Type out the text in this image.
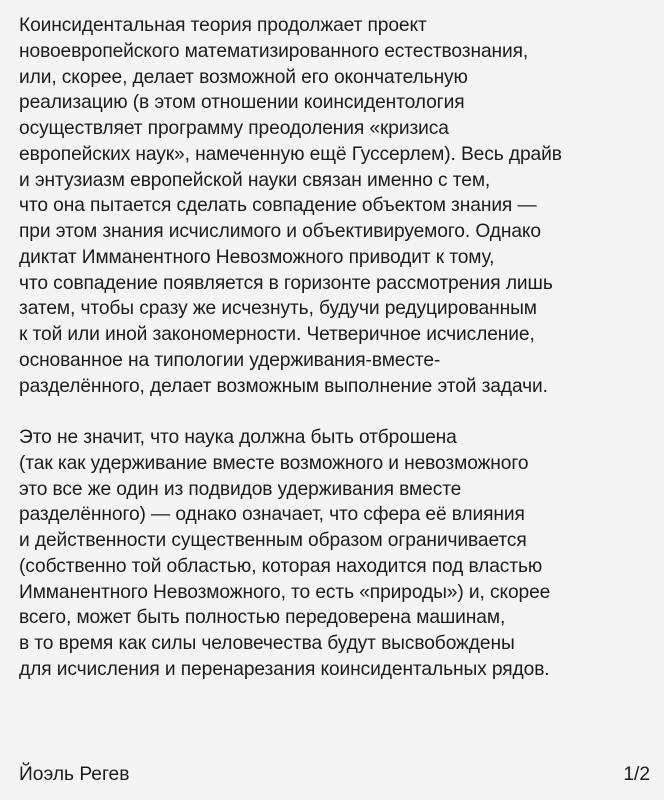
Коинсидентальная теория продолжает проект
новоевропейского математизированного естествознания,
или, скорее, делает возможной его окончательную
реализацию (в этом отношении коинсидентология
осуществляет программу преодоления «кризиса
европейских наук», намеченную ещё Гуссерлем). Весь драйв
и энтузиазм европейской науки связан именно с тем,
что она пытается сделать совпадение объектом знания —
при этом знания исчислимого и объективируемого. Однако
диктат Имманентного Невозможного приводит к тому,
что совпадение появляется в горизонте рассмотрения лишь
затем, чтобы сразу же исчезнуть, будучи редуцированным
к той или иной закономерности. Четверичное исчисление,
основанное на типологии удерживания-вместе-
разделённого, делает возможным выполнение этой задачи.

Это не значит, что наука должна быть отброшена
(так как удерживание вместе возможного и невозможного
это все же один из подвидов удерживания вместе
разделённого) — однако означает, что сфера её влияния
и действенности существенным образом ограничивается
(собственно той областью, которая находится под властью
Имманентного Невозможного, то есть «природы») и, скорее
всего, может быть полностью передоверена машинам,
в то время как силы человечества будут высвобождены
для исчисления и перенарезания коинсидентальных рядов.

Йоэль Регев	1/2
